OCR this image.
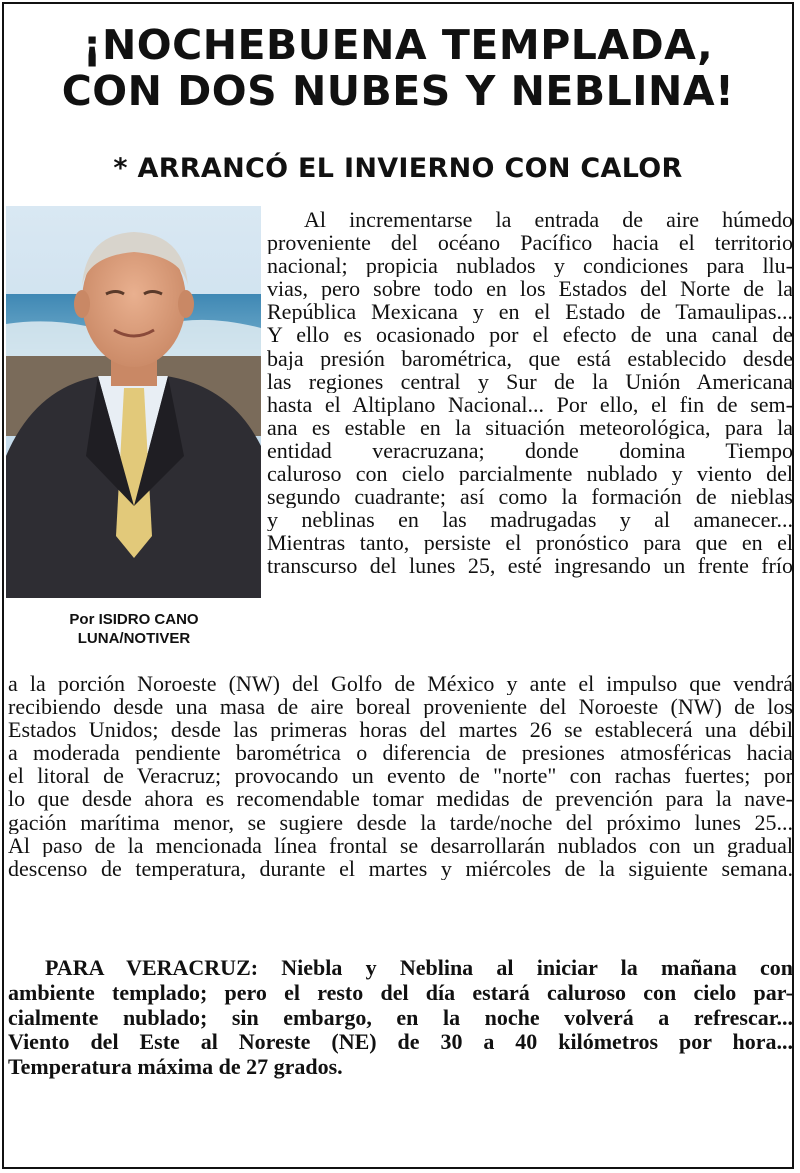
¡NOCHEBUENA TEMPLADA,
CON DOS NUBES Y NEBLINA!
* ARRANCÓ EL INVIERNO CON CALOR
Por ISIDRO CANO
LUNA/NOTIVER
Al incrementarse la entrada de aire húmedo
proveniente del océano Pacífico hacia el territorio
nacional; propicia nublados y condiciones para llu-
vias, pero sobre todo en los Estados del Norte de la
República Mexicana y en el Estado de Tamaulipas...
Y ello es ocasionado por el efecto de una canal de
baja presión barométrica, que está establecido desde
las regiones central y Sur de la Unión Americana
hasta el Altiplano Nacional... Por ello, el fin de sem-
ana es estable en la situación meteorológica, para la
entidad veracruzana; donde domina Tiempo
caluroso con cielo parcialmente nublado y viento del
segundo cuadrante; así como la formación de nieblas
y neblinas en las madrugadas y al amanecer...
Mientras tanto, persiste el pronóstico para que en el
transcurso del lunes 25, esté ingresando un frente frío
a la porción Noroeste (NW) del Golfo de México y ante el impulso que vendrá
recibiendo desde una masa de aire boreal proveniente del Noroeste (NW) de los
Estados Unidos; desde las primeras horas del martes 26 se establecerá una débil
a moderada pendiente barométrica o diferencia de presiones atmosféricas hacia
el litoral de Veracruz; provocando un evento de "norte" con rachas fuertes; por
lo que desde ahora es recomendable tomar medidas de prevención para la nave-
gación marítima menor, se sugiere desde la tarde/noche del próximo lunes 25...
Al paso de la mencionada línea frontal se desarrollarán nublados con un gradual
descenso de temperatura, durante el martes y miércoles de la siguiente semana.
PARA VERACRUZ: Niebla y Neblina al iniciar la mañana con
ambiente templado; pero el resto del día estará caluroso con cielo par-
cialmente nublado; sin embargo, en la noche volverá a refrescar...
Viento del Este al Noreste (NE) de 30 a 40 kilómetros por hora...
Temperatura máxima de 27 grados.
